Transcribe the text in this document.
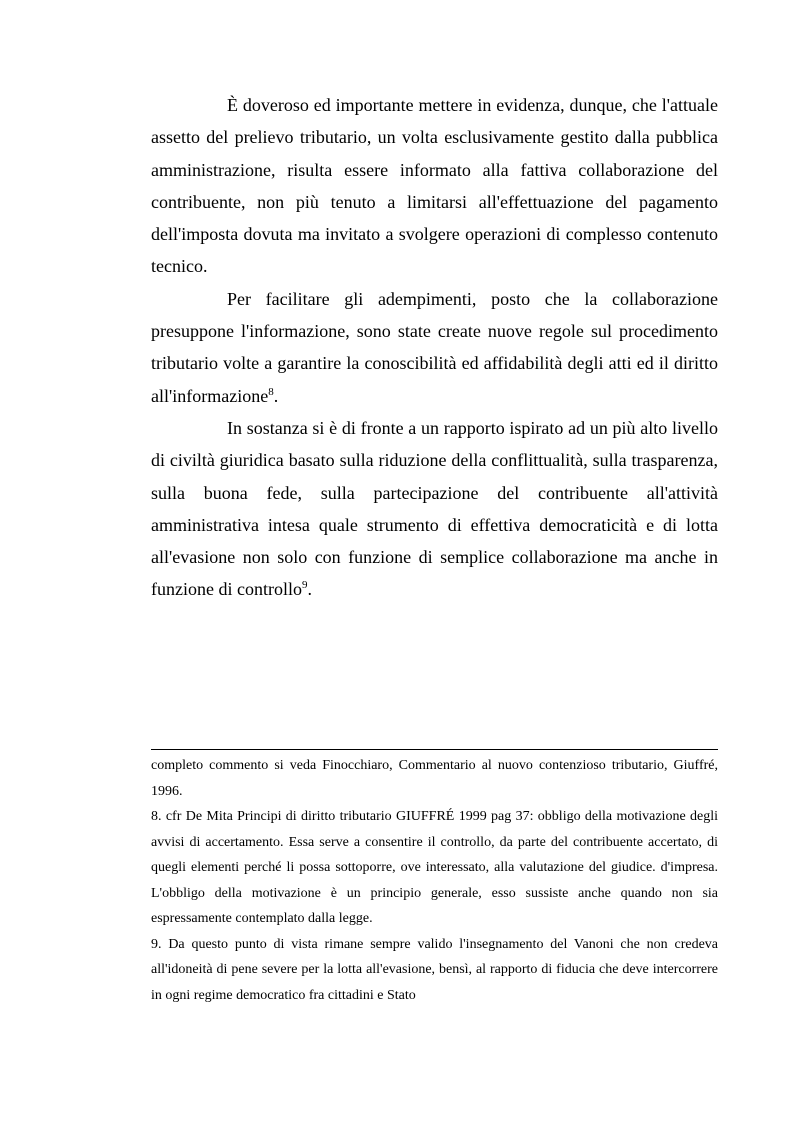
È doveroso ed importante mettere in evidenza, dunque, che l'attuale assetto del prelievo tributario, un volta esclusivamente gestito dalla pubblica amministrazione, risulta essere informato alla fattiva collaborazione del contribuente, non più tenuto a limitarsi all'effettuazione del pagamento dell'imposta dovuta ma invitato a svolgere operazioni di complesso contenuto tecnico.

Per facilitare gli adempimenti, posto che la collaborazione presuppone l'informazione, sono state create nuove regole sul procedimento tributario volte a garantire la conoscibilità ed affidabilità degli atti ed il diritto all'informazione$^8$.

In sostanza si è di fronte a un rapporto ispirato ad un più alto livello di civiltà giuridica basato sulla riduzione della conflittualità, sulla trasparenza, sulla buona fede, sulla partecipazione del contribuente all'attività amministrativa intesa quale strumento di effettiva democraticità e di lotta all'evasione non solo con funzione di semplice collaborazione ma anche in funzione di controllo$^9$.

completo commento si veda Finocchiaro, Commentario al nuovo contenzioso tributario, Giuffré, 1996.

8. cfr De Mita Principi di diritto tributario GIUFFRÉ 1999 pag 37: obbligo della motivazione degli avvisi di accertamento. Essa serve a consentire il controllo, da parte del contribuente accertato, di quegli elementi perché li possa sottoporre, ove interessato, alla valutazione del giudice. d'impresa. L'obbligo della motivazione è un principio generale, esso sussiste anche quando non sia espressamente contemplato dalla legge.

9. Da questo punto di vista rimane sempre valido l'insegnamento del Vanoni che non credeva all'idoneità di pene severe per la lotta all'evasione, bensì, al rapporto di fiducia che deve intercorrere in ogni regime democratico fra cittadini e Stato
